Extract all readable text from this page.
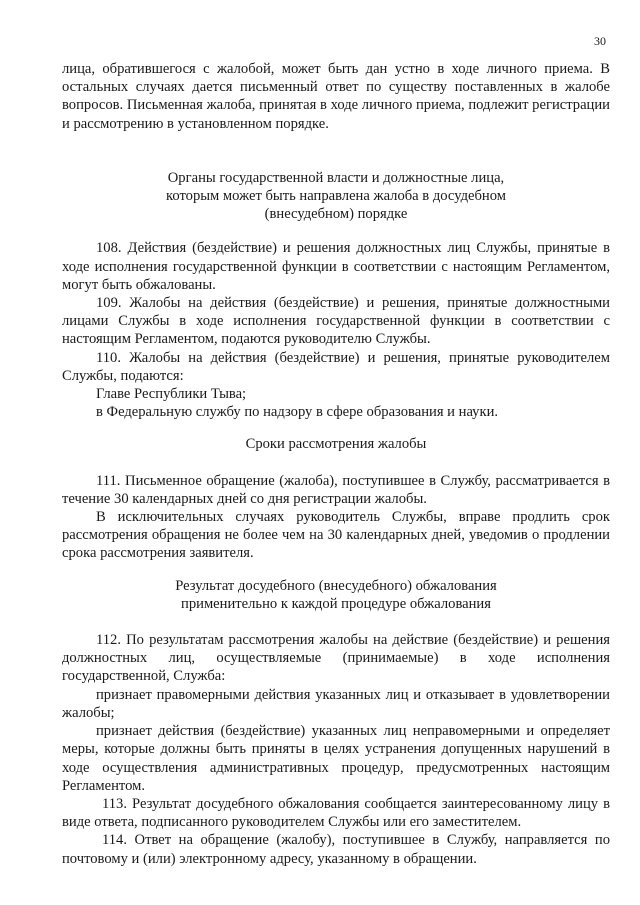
30

лица, обратившегося с жалобой, может быть дан устно в ходе личного приема. В остальных случаях дается письменный ответ по существу поставленных в жалобе вопросов. Письменная жалоба, принятая в ходе личного приема, подлежит регистрации и рассмотрению в установленном порядке.

Органы государственной власти и должностные лица,
которым может быть направлена жалоба в досудебном
(внесудебном) порядке

108. Действия (бездействие) и решения должностных лиц Службы, принятые в ходе исполнения государственной функции в соответствии с настоящим Регламентом, могут быть обжалованы.

109. Жалобы на действия (бездействие) и решения, принятые должностными лицами Службы в ходе исполнения государственной функции в соответствии с настоящим Регламентом, подаются руководителю Службы.

110. Жалобы на действия (бездействие) и решения, принятые руководителем Службы, подаются:

Главе Республики Тыва;
в Федеральную службу по надзору в сфере образования и науки.
Сроки рассмотрения жалобы

111. Письменное обращение (жалоба), поступившее в Службу, рассматривается в течение 30 календарных дней со дня регистрации жалобы.

В исключительных случаях руководитель Службы, вправе продлить срок рассмотрения обращения не более чем на 30 календарных дней, уведомив о продлении срока рассмотрения заявителя.

Результат досудебного (внесудебного) обжалования
применительно к каждой процедуре обжалования

112. По результатам рассмотрения жалобы на действие (бездействие) и решения должностных лиц, осуществляемые (принимаемые) в ходе исполнения государственной, Служба:

признает правомерными действия указанных лиц и отказывает в удовлетворении жалобы;

признает действия (бездействие) указанных лиц неправомерными и определяет меры, которые должны быть приняты в целях устранения допущенных нарушений в ходе осуществления административных процедур, предусмотренных настоящим Регламентом.

113. Результат досудебного обжалования сообщается заинтересованному лицу в виде ответа, подписанного руководителем Службы или его заместителем.

114. Ответ на обращение (жалобу), поступившее в Службу, направляется по почтовому и (или) электронному адресу, указанному в обращении.
